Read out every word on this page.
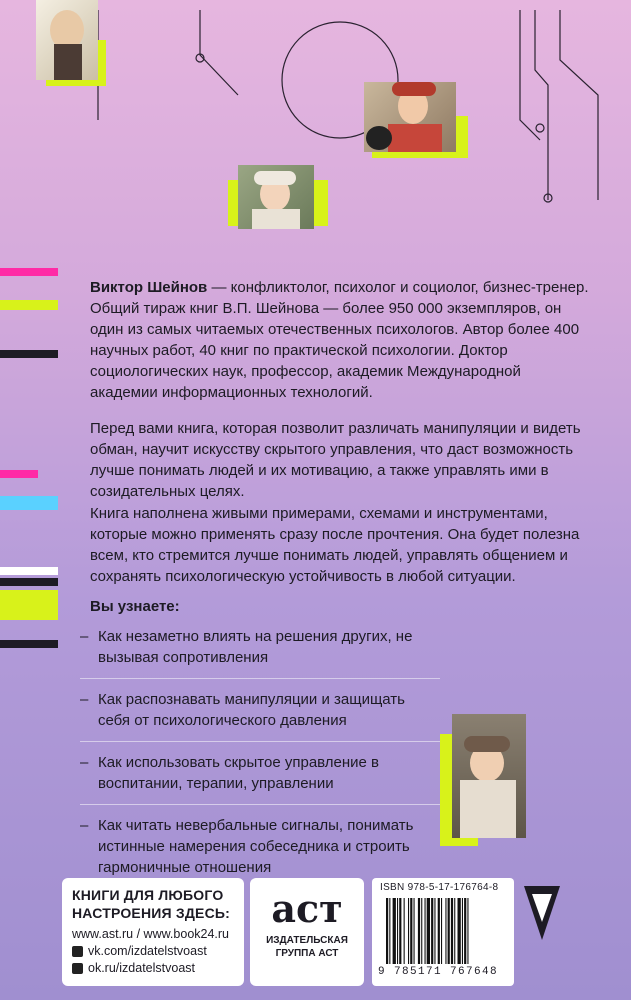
Виктор Шейнов — конфликтолог, психолог и социолог, бизнес-тренер. Общий тираж книг В.П. Шейнова — более 950 000 экземпляров, он один из самых читаемых отечественных психологов. Автор более 400 научных работ, 40 книг по практической психологии. Доктор социологических наук, профессор, академик Международной академии информационных технологий.
Перед вами книга, которая позволит различать манипуляции и видеть обман, научит искусству скрытого управления, что даст возможность лучше понимать людей и их мотивацию, а также управлять ими в созидательных целях.
Книга наполнена живыми примерами, схемами и инструментами, которые можно применять сразу после прочтения. Она будет полезна всем, кто стремится лучше понимать людей, управлять общением и сохранять психологическую устойчивость в любой ситуации.
Вы узнаете:
– Как незаметно влиять на решения других, не вызывая сопротивления
– Как распознавать манипуляции и защищать себя от психологического давления
– Как использовать скрытое управление в воспитании, терапии, управлении
– Как читать невербальные сигналы, понимать истинные намерения собеседника и строить гармоничные отношения
КНИГИ ДЛЯ ЛЮБОГО
НАСТРОЕНИЯ ЗДЕСЬ:
www.ast.ru / www.book24.ru
vk.com/izdatelstvoast
ok.ru/izdatelstvoast
аст
ИЗДАТЕЛЬСКАЯ
ГРУППА АСТ
ISBN 978-5-17-176764-8
9 785171 767648
